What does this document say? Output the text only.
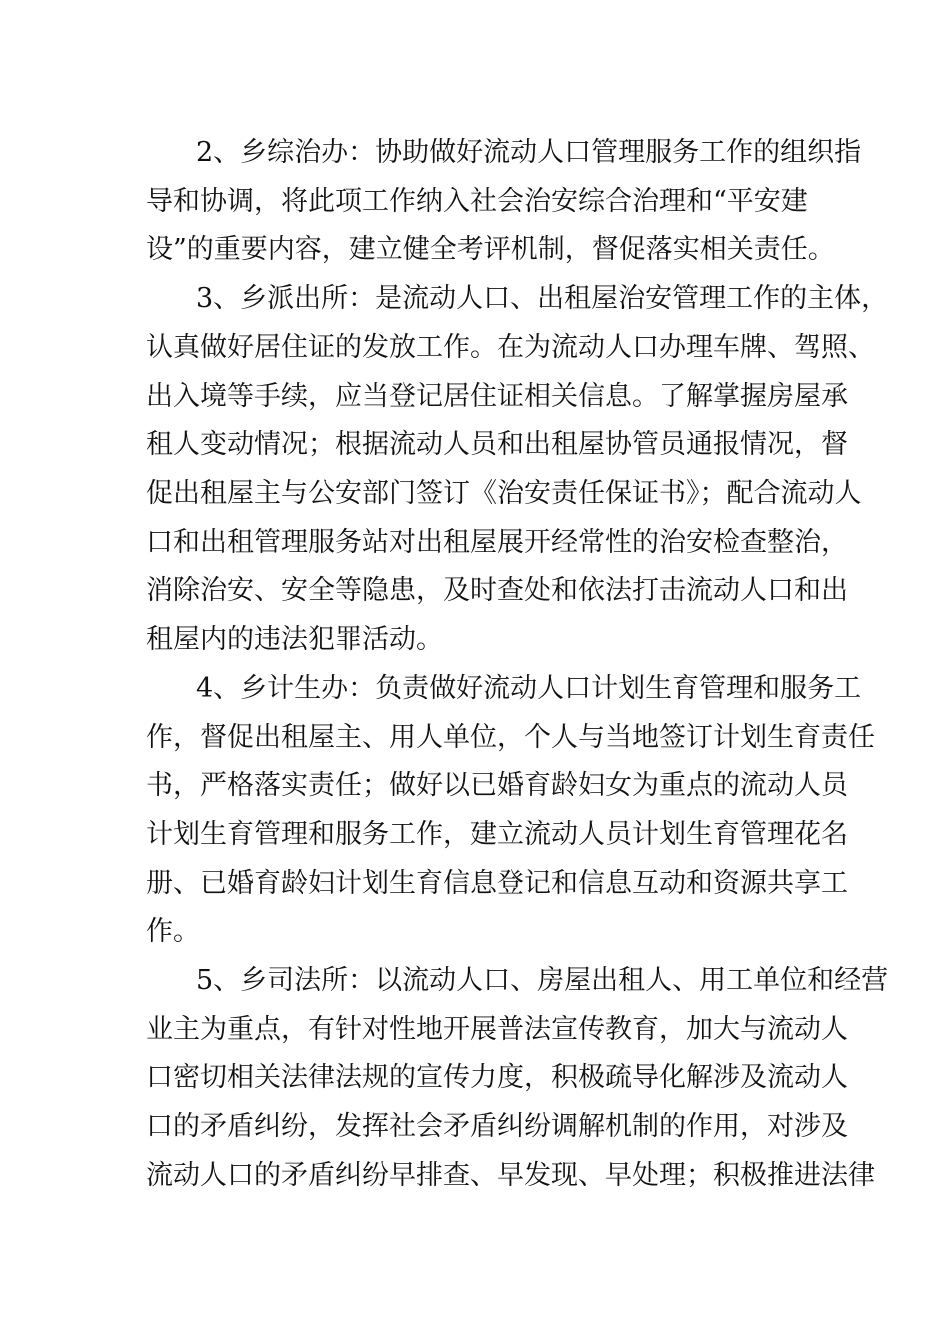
2、乡综治办：协助做好流动人口管理服务工作的组织指
导和协调，将此项工作纳入社会治安综合治理和“平安建
设”的重要内容，建立健全考评机制，督促落实相关责任。
3、乡派出所：是流动人口、出租屋治安管理工作的主体，
认真做好居住证的发放工作。在为流动人口办理车牌、驾照、
出入境等手续，应当登记居住证相关信息。了解掌握房屋承
租人变动情况；根据流动人员和出租屋协管员通报情况，督
促出租屋主与公安部门签订《治安责任保证书》；配合流动人
口和出租管理服务站对出租屋展开经常性的治安检查整治，
消除治安、安全等隐患，及时查处和依法打击流动人口和出
租屋内的违法犯罪活动。
4、乡计生办：负责做好流动人口计划生育管理和服务工
作，督促出租屋主、用人单位，个人与当地签订计划生育责任
书，严格落实责任；做好以已婚育龄妇女为重点的流动人员
计划生育管理和服务工作，建立流动人员计划生育管理花名
册、已婚育龄妇计划生育信息登记和信息互动和资源共享工
作。
5、乡司法所：以流动人口、房屋出租人、用工单位和经营
业主为重点，有针对性地开展普法宣传教育，加大与流动人
口密切相关法律法规的宣传力度，积极疏导化解涉及流动人
口的矛盾纠纷，发挥社会矛盾纠纷调解机制的作用，对涉及
流动人口的矛盾纠纷早排查、早发现、早处理；积极推进法律
